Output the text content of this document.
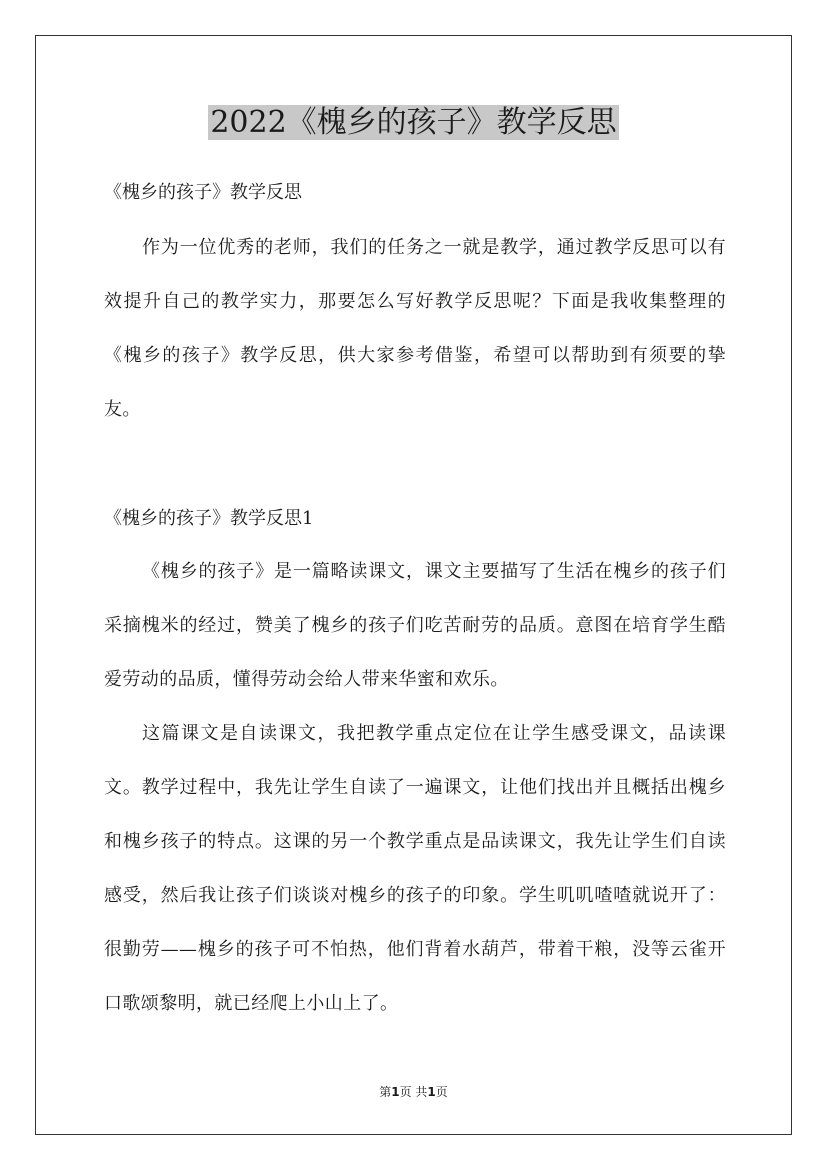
2022《槐乡的孩子》教学反思

《槐乡的孩子》教学反思

作为一位优秀的老师，我们的任务之一就是教学，通过教学反思可以有效提升自己的教学实力，那要怎么写好教学反思呢？下面是我收集整理的《槐乡的孩子》教学反思，供大家参考借鉴，希望可以帮助到有须要的挚友。

《槐乡的孩子》教学反思1

《槐乡的孩子》是一篇略读课文，课文主要描写了生活在槐乡的孩子们采摘槐米的经过，赞美了槐乡的孩子们吃苦耐劳的品质。意图在培育学生酷爱劳动的品质，懂得劳动会给人带来华蜜和欢乐。

这篇课文是自读课文，我把教学重点定位在让学生感受课文，品读课文。教学过程中，我先让学生自读了一遍课文，让他们找出并且概括出槐乡和槐乡孩子的特点。这课的另一个教学重点是品读课文，我先让学生们自读感受，然后我让孩子们谈谈对槐乡的孩子的印象。学生叽叽喳喳就说开了：很勤劳——槐乡的孩子可不怕热，他们背着水葫芦，带着干粮，没等云雀开口歌颂黎明，就已经爬上小山上了。

第1页 共1页
